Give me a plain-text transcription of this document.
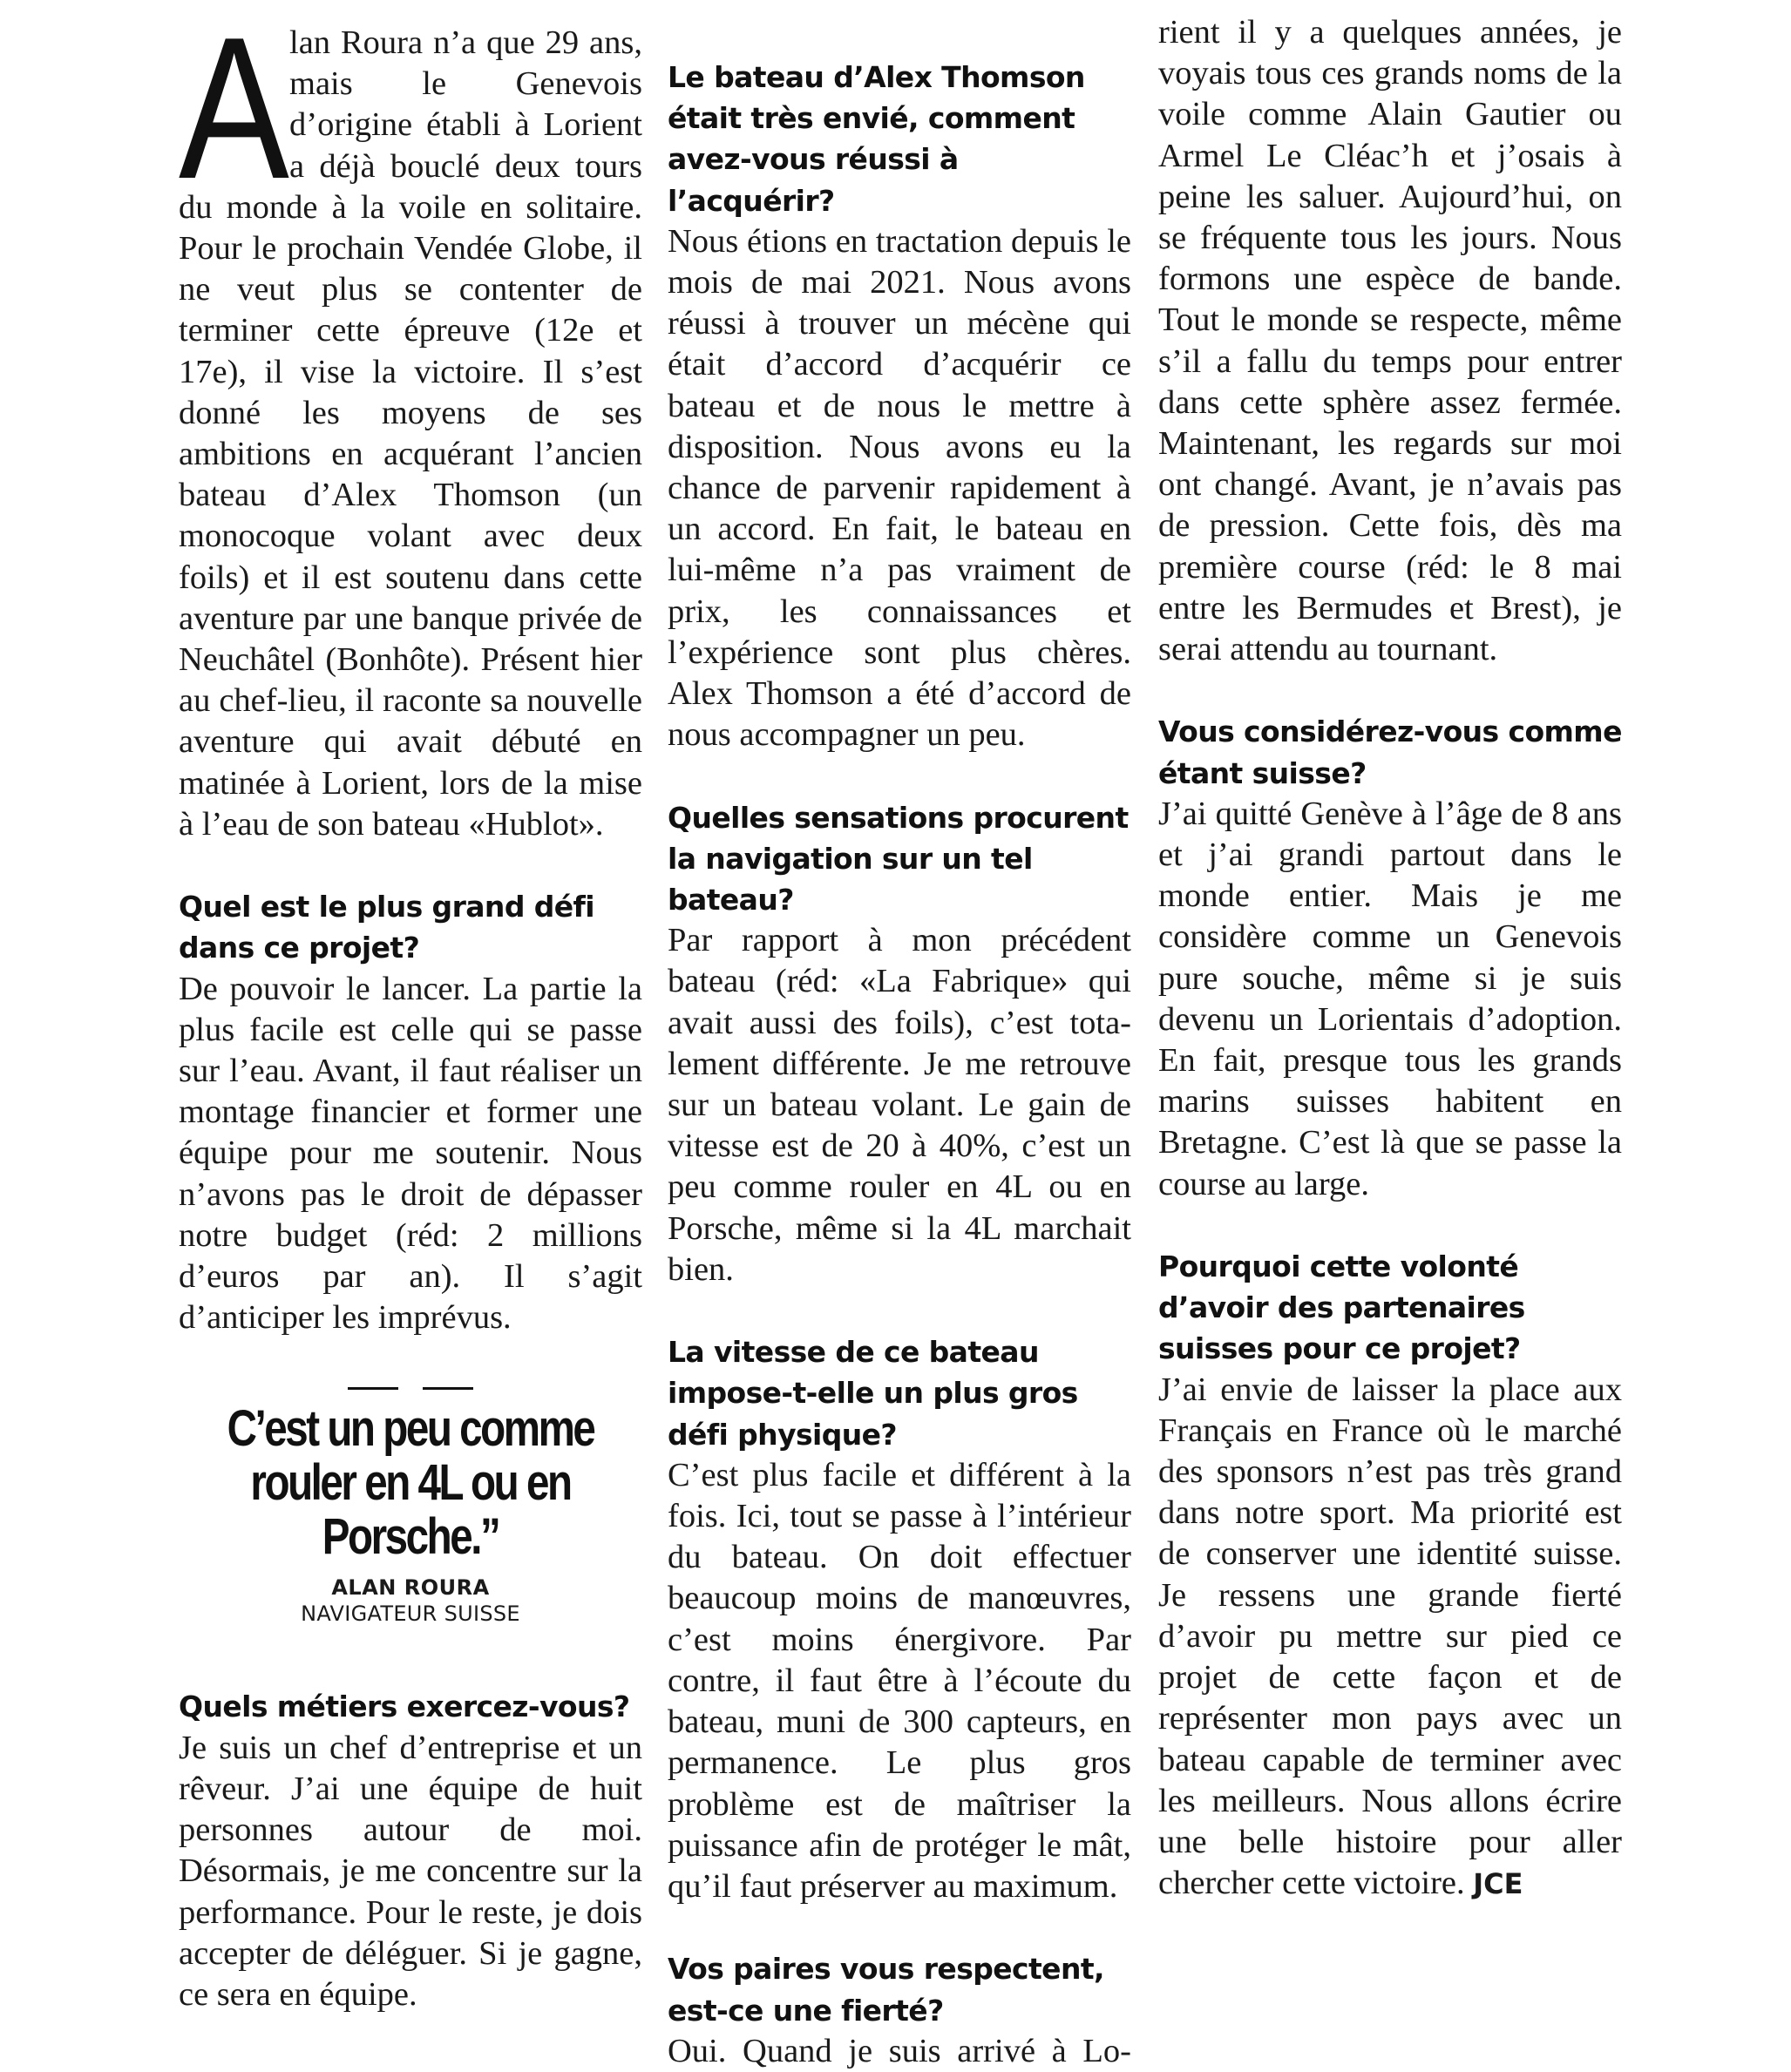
Alan Roura n’a que 29 ans, mais le Genevois d’origine établi à Lorient a déjà bouclé deux tours du monde à la voile en solitaire. Pour le prochain Vendée Globe, il ne veut plus se contenter de terminer cette épreuve (12e et 17e), il vise la victoire. Il s’est donné les moyens de ses ambitions en acquérant l’ancien bateau d’Alex Thomson (un monocoque volant avec deux foils) et il est soutenu dans cette aventure par une banque privée de Neuchâtel (Bonhôte). Présent hier au chef-lieu, il raconte sa nouvelle aventure qui avait débuté en matinée à Lorient, lors de la mise à l’eau de son bateau «Hublot».

Quel est le plus grand défi dans ce projet?

De pouvoir le lancer. La partie la plus facile est celle qui se passe sur l’eau. Avant, il faut réaliser un montage financier et former une équipe pour me soutenir. Nous n’avons pas le droit de dépasser notre budget (réd: 2 millions d’euros par an). Il s’agit d’anticiper les imprévus.

C’est un peu comme rouler en 4L ou en Porsche.”
ALAN ROURA
NAVIGATEUR SUISSE

Quels métiers exercez-vous?

Je suis un chef d’entreprise et un rêveur. J’ai une équipe de huit personnes autour de moi. Désormais, je me concentre sur la performance. Pour le reste, je dois accepter de déléguer. Si je gagne, ce sera en équipe.

Le bateau d’Alex Thomson était très envié, comment avez-vous réussi à l’acquérir?

Nous étions en tractation depuis le mois de mai 2021. Nous avons réussi à trouver un mécène qui était d’accord d’acquérir ce bateau et de nous le mettre à disposition. Nous avons eu la chance de parvenir rapidement à un accord. En fait, le bateau en lui-même n’a pas vraiment de prix, les connaissances et l’expérience sont plus chères. Alex Thomson a été d’accord de nous accompagner un peu.

Quelles sensations procurent la navigation sur un tel bateau?

Par rapport à mon précédent bateau (réd: «La Fabrique» qui avait aussi des foils), c’est totalement différente. Je me retrouve sur un bateau volant. Le gain de vitesse est de 20 à 40%, c’est un peu comme rouler en 4L ou en Porsche, même si la 4L marchait bien.

La vitesse de ce bateau impose-t-elle un plus gros défi physique?

C’est plus facile et différent à la fois. Ici, tout se passe à l’intérieur du bateau. On doit effectuer beaucoup moins de manœuvres, c’est moins énergivore. Par contre, il faut être à l’écoute du bateau, muni de 300 capteurs, en permanence. Le plus gros problème est de maîtriser la puissance afin de protéger le mât, qu’il faut préserver au maximum.

Vos paires vous respectent, est-ce une fierté?

Oui. Quand je suis arrivé à Lo-

rient il y a quelques années, je voyais tous ces grands noms de la voile comme Alain Gautier ou Armel Le Cléac’h et j’osais à peine les saluer. Aujourd’hui, on se fréquente tous les jours. Nous formons une espèce de bande. Tout le monde se respecte, même s’il a fallu du temps pour entrer dans cette sphère assez fermée. Maintenant, les regards sur moi ont changé. Avant, je n’avais pas de pression. Cette fois, dès ma première course (réd: le 8 mai entre les Bermudes et Brest), je serai attendu au tournant.

Vous considérez-vous comme étant suisse?

J’ai quitté Genève à l’âge de 8 ans et j’ai grandi partout dans le monde entier. Mais je me considère comme un Genevois pure souche, même si je suis devenu un Lorientais d’adoption. En fait, presque tous les grands marins suisses habitent en Bretagne. C’est là que se passe la course au large.

Pourquoi cette volonté d’avoir des partenaires suisses pour ce projet?

J’ai envie de laisser la place aux Français en France où le marché des sponsors n’est pas très grand dans notre sport. Ma priorité est de conserver une identité suisse. Je ressens une grande fierté d’avoir pu mettre sur pied ce projet de cette façon et de représenter mon pays avec un bateau capable de terminer avec les meilleurs. Nous allons écrire une belle histoire pour aller chercher cette victoire. JCE
